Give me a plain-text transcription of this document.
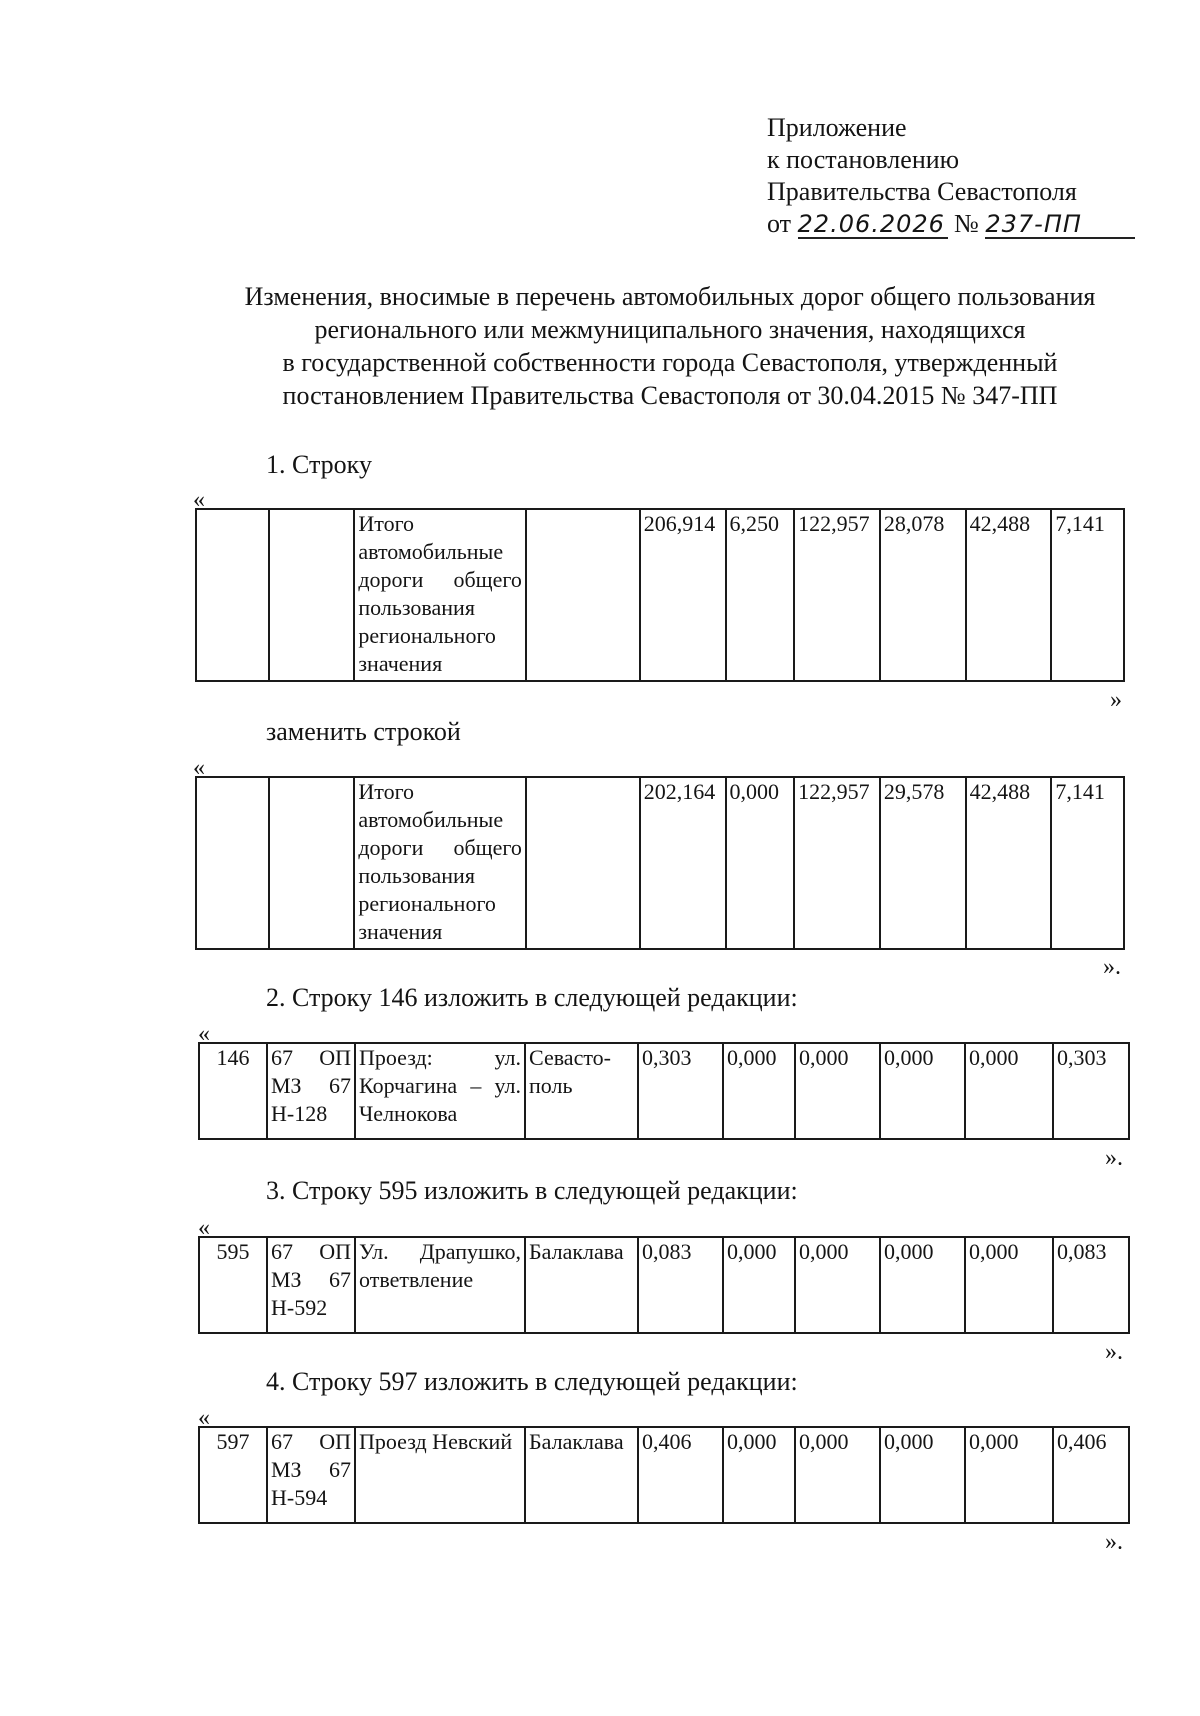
Приложение
к постановлению
Правительства Севастополя
от 22.06.2026 № 237-ПП
Изменения, вносимые в перечень автомобильных дорог общего пользования
регионального или межмуниципального значения, находящихся
в государственной собственности города Севастополя, утвержденный
постановлением Правительства Севастополя от 30.04.2015 № 347-ПП
1. Строку
«
		Итого автомобильные дороги общего пользования регионального значения		206,914	6,250	122,957	28,078	42,488	7,141
»
заменить строкой
«
		Итого автомобильные дороги общего пользования регионального значения		202,164	0,000	122,957	29,578	42,488	7,141
».
2. Строку 146 изложить в следующей редакции:
«
146	67 ОП МЗ 67 Н-128	Проезд: ул. Корчагина – ул. Челнокова	Севасто-поль	0,303	0,000	0,000	0,000	0,000	0,303
».
3. Строку 595 изложить в следующей редакции:
«
595	67 ОП МЗ 67 Н-592	Ул. Драпушко, ответвление	Балаклава	0,083	0,000	0,000	0,000	0,000	0,083
».
4. Строку 597 изложить в следующей редакции:
«
597	67 ОП МЗ 67 Н-594	Проезд Невский	Балаклава	0,406	0,000	0,000	0,000	0,000	0,406
».
